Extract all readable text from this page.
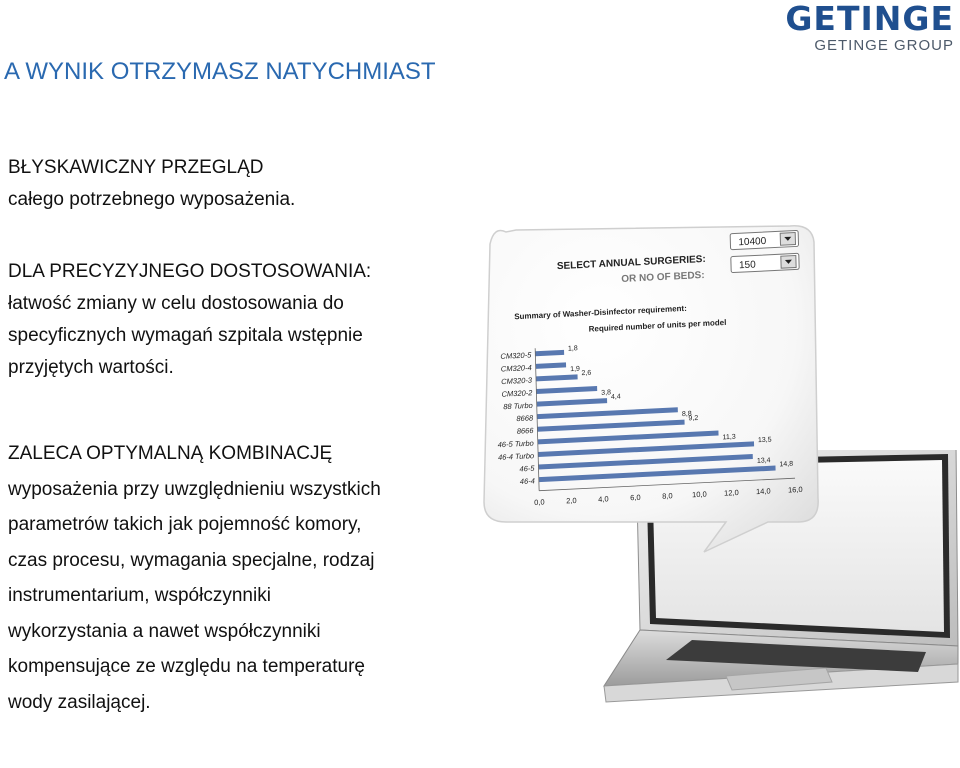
GETINGE
GETINGE GROUP
A WYNIK OTRZYMASZ NATYCHMIAST
BŁYSKAWICZNY PRZEGLĄD
całego potrzebnego wyposażenia.
DLA PRECYZYJNEGO DOSTOSOWANIA:
łatwość zmiany w celu dostosowania do
specyficznych wymagań szpitala wstępnie
przyjętych wartości.
ZALECA OPTYMALNĄ KOMBINACJĘ
wyposażenia przy uwzględnieniu wszystkich
parametrów takich jak pojemność komory,
czas procesu, wymagania specjalne, rodzaj
instrumentarium, współczynniki
wykorzystania a nawet współczynniki
kompensujące ze względu na temperaturę
wody zasilającej.
SELECT ANNUAL SURGERIES:
10400
OR NO OF BEDS:
150
Summary of Washer-Disinfector requirement:
Required number of units per model
CM320-5
1,8
CM320-4	1,9
CM320-3
2,6
CM320-2	3,8
88 Turbo
4,4
8668	8,8
8666
9,2
46-5 Turbo
11,3
46-4 Turbo
13,5
46-5
13,4
46-4
14,8
0,0	2,0	4,0	6,0	8,0	10,0 12,0 14,0 16,0
